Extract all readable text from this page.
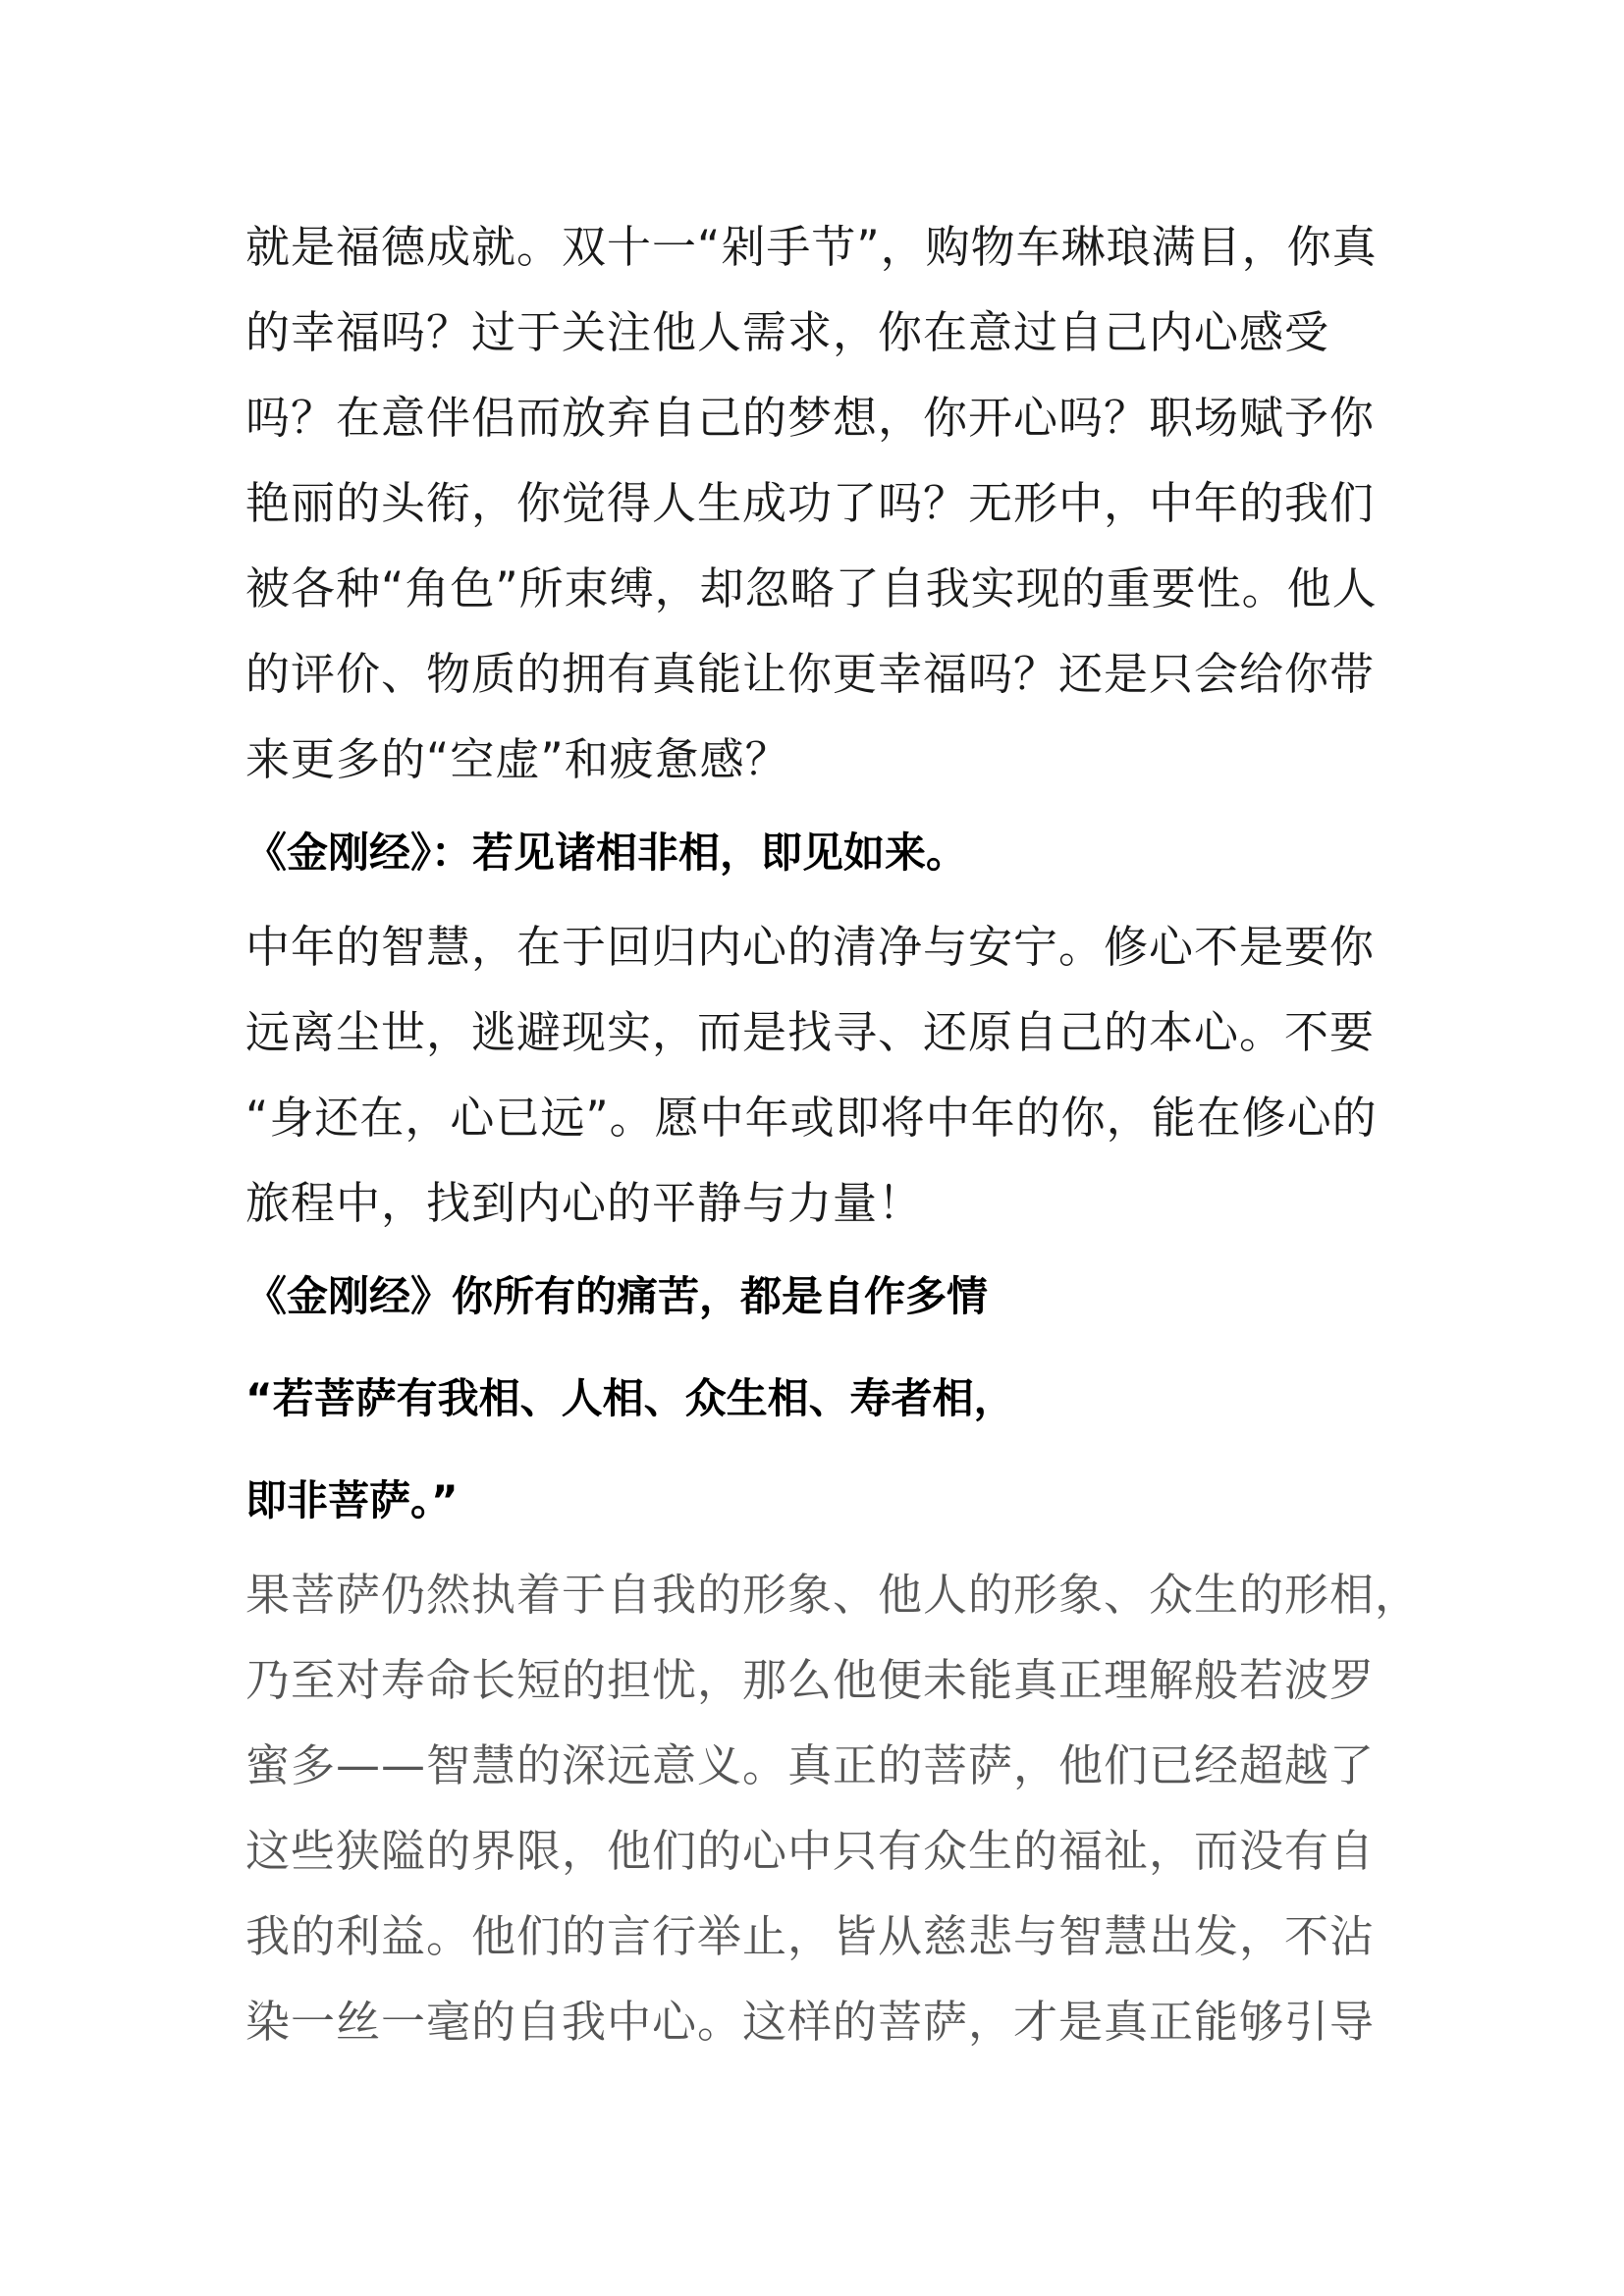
就是福德成就。双十一“剁手节”，购物车琳琅满目，你真
的幸福吗？过于关注他人需求，你在意过自己内心感受
吗？在意伴侣而放弃自己的梦想，你开心吗？职场赋予你
艳丽的头衔，你觉得人生成功了吗？无形中，中年的我们
被各种“角色”所束缚，却忽略了自我实现的重要性。他人
的评价、物质的拥有真能让你更幸福吗？还是只会给你带
来更多的“空虚”和疲惫感？

《金刚经》：若见诸相非相，即见如来。

中年的智慧，在于回归内心的清净与安宁。修心不是要你
远离尘世，逃避现实，而是找寻、还原自己的本心。不要
“身还在，心已远”。愿中年或即将中年的你，能在修心的
旅程中，找到内心的平静与力量！

《金刚经》你所有的痛苦，都是自作多情
“若菩萨有我相、人相、众生相、寿者相，
即非菩萨。”

果菩萨仍然执着于自我的形象、他人的形象、众生的形相，
乃至对寿命长短的担忧，那么他便未能真正理解般若波罗
蜜多——智慧的深远意义。真正的菩萨，他们已经超越了
这些狭隘的界限，他们的心中只有众生的福祉，而没有自
我的利益。他们的言行举止，皆从慈悲与智慧出发，不沾
染一丝一毫的自我中心。这样的菩萨，才是真正能够引导
